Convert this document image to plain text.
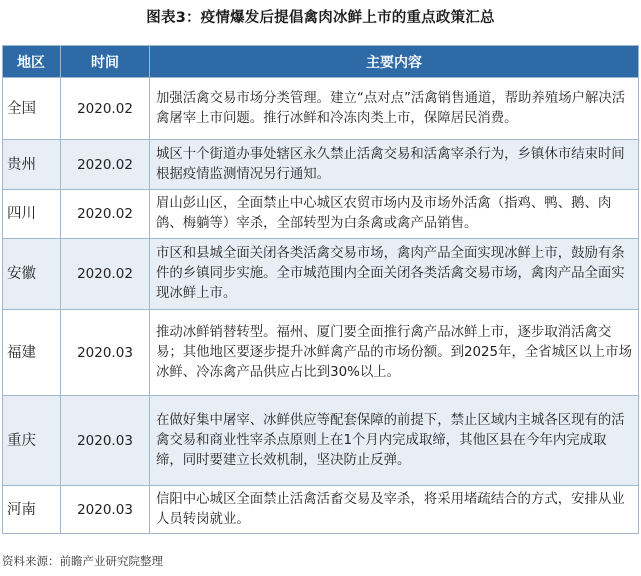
图表3：疫情爆发后提倡禽肉冰鲜上市的重点政策汇总
地区	时间	主要内容
全国	2020.02	加强活禽交易市场分类管理。建立“点对点”活禽销售通道，帮助养殖场户解决活禽屠宰上市问题。推行冰鲜和冷冻肉类上市，保障居民消费。
贵州	2020.02	城区十个街道办事处辖区永久禁止活禽交易和活禽宰杀行为，乡镇休市结束时间根据疫情监测情况另行通知。
四川	2020.02	眉山彭山区，全面禁止中心城区农贸市场内及市场外活禽（指鸡、鸭、鹅、肉鸽、梅躺等）宰杀，全部转型为白条禽或禽产品销售。
安徽	2020.02	市区和县城全面关闭各类活禽交易市场，禽肉产品全面实现冰鲜上市，鼓励有条件的乡镇同步实施。全市城范围内全面关闭各类活禽交易市场，禽肉产品全面实现冰鲜上市。
福建	2020.03	推动冰鲜销替转型。福州、厦门要全面推行禽产品冰鲜上市，逐步取消活禽交易；其他地区要逐步提升冰鲜禽产品的市场份额。到2025年，全省城区以上市场冰鲜、冷冻禽产品供应占比到30%以上。
重庆	2020.03	在做好集中屠宰、冰鲜供应等配套保障的前提下，禁止区域内主城各区现有的活禽交易和商业性宰杀点原则上在1个月内完成取缔，其他区县在今年内完成取缔，同时要建立长效机制，坚决防止反弹。
河南	2020.03	信阳中心城区全面禁止活禽活畜交易及宰杀，将采用堵疏结合的方式，安排从业人员转岗就业。
资料来源：前瞻产业研究院整理
